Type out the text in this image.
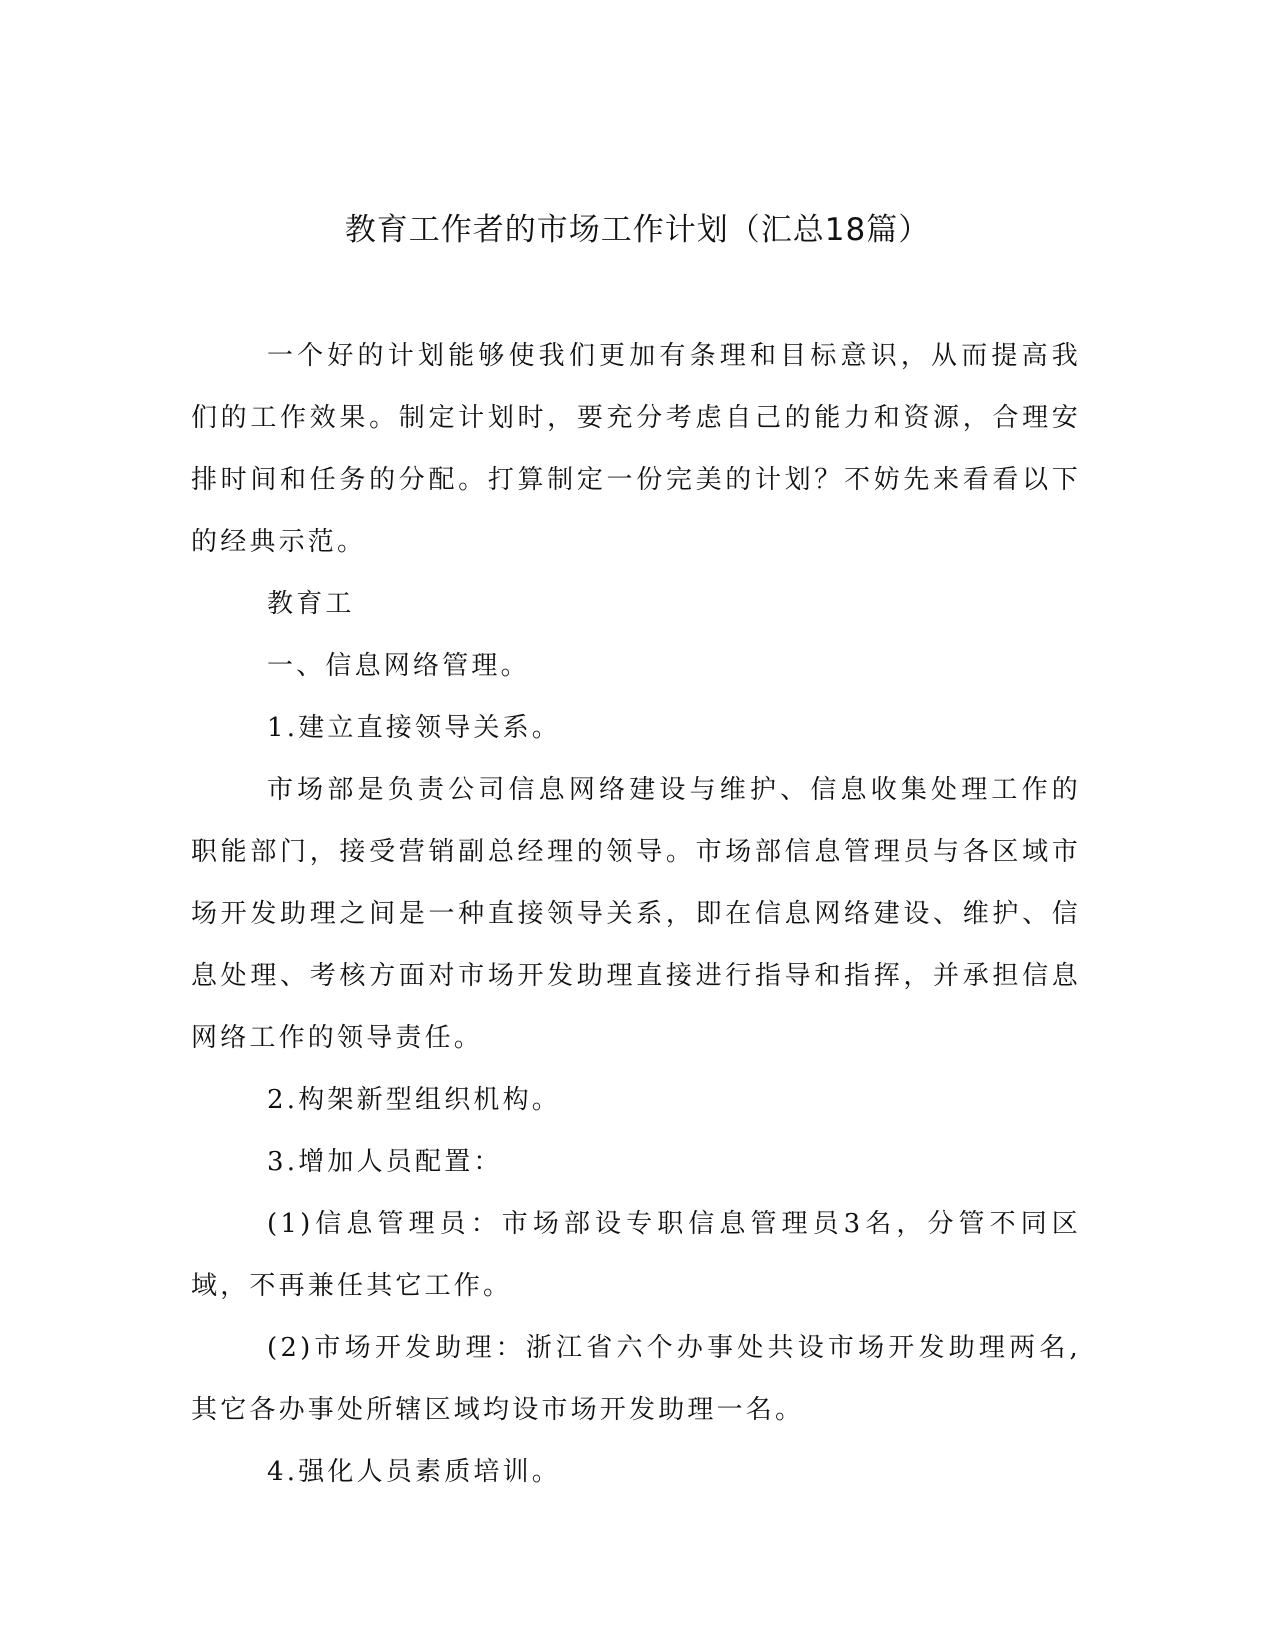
教育工作者的市场工作计划（汇总18篇）

一个好的计划能够使我们更加有条理和目标意识，从而提高我们的工作效果。制定计划时，要充分考虑自己的能力和资源，合理安排时间和任务的分配。打算制定一份完美的计划？不妨先来看看以下的经典示范。

教育工

一、信息网络管理。

1.建立直接领导关系。

市场部是负责公司信息网络建设与维护、信息收集处理工作的职能部门，接受营销副总经理的领导。市场部信息管理员与各区域市场开发助理之间是一种直接领导关系，即在信息网络建设、维护、信息处理、考核方面对市场开发助理直接进行指导和指挥，并承担信息网络工作的领导责任。

2.构架新型组织机构。

3.增加人员配置：

(1)信息管理员：市场部设专职信息管理员3名，分管不同区域，不再兼任其它工作。

(2)市场开发助理：浙江省六个办事处共设市场开发助理两名,其它各办事处所辖区域均设市场开发助理一名。

4.强化人员素质培训。
